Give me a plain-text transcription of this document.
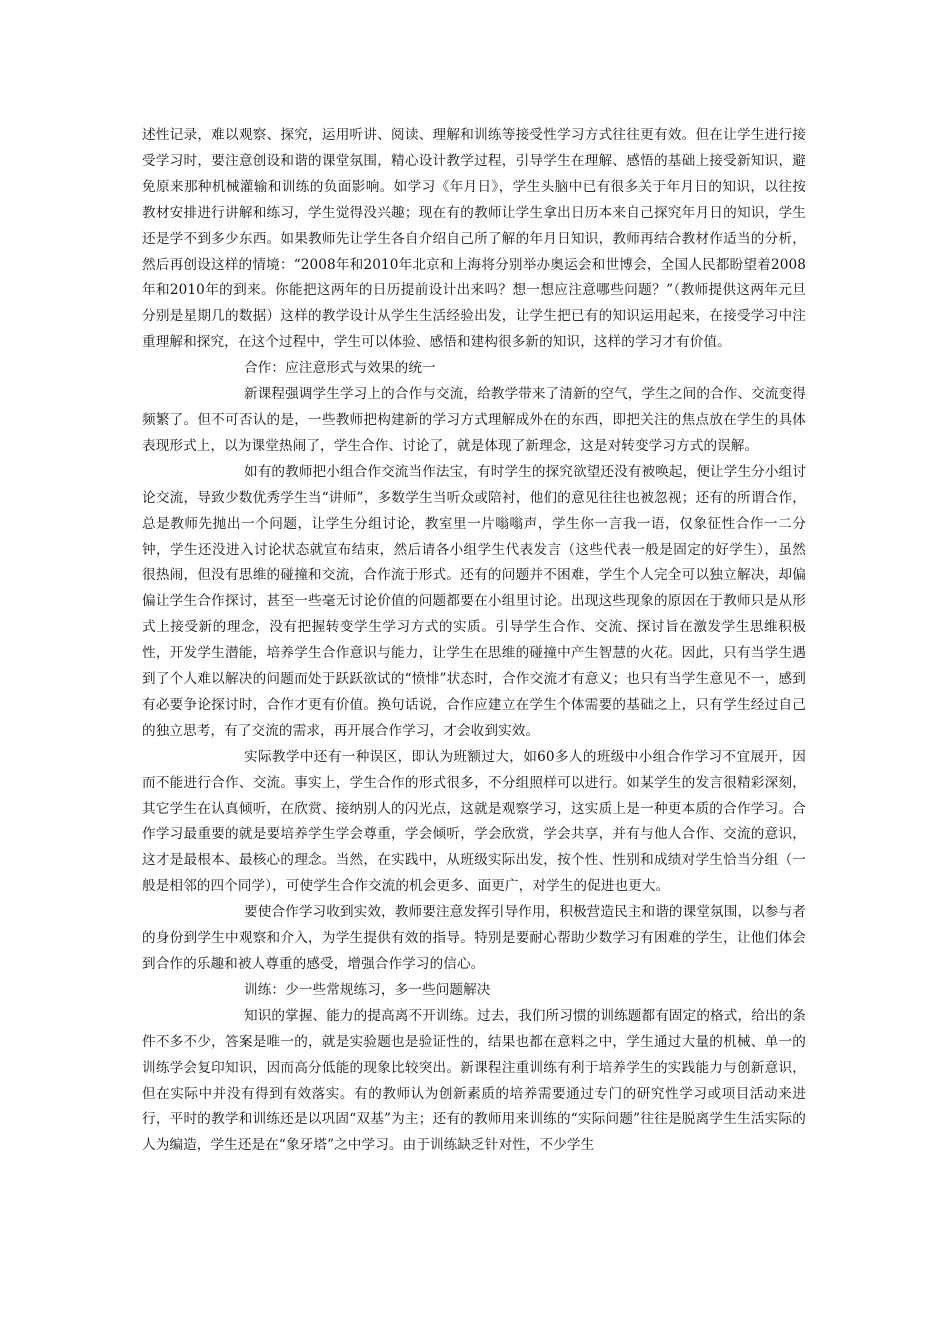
述性记录，难以观察、探究，运用听讲、阅读、理解和训练等接受性学习方式往往更有效。但在让学生进行接受学习时，要注意创设和谐的课堂氛围，精心设计教学过程，引导学生在理解、感悟的基础上接受新知识，避免原来那种机械灌输和训练的负面影响。如学习《年月日》，学生头脑中已有很多关于年月日的知识，以往按教材安排进行讲解和练习，学生觉得没兴趣；现在有的教师让学生拿出日历本来自己探究年月日的知识，学生还是学不到多少东西。如果教师先让学生各自介绍自己所了解的年月日知识，教师再结合教材作适当的分析，然后再创设这样的情境：“2008年和2010年北京和上海将分别举办奥运会和世博会，全国人民都盼望着2008年和2010年的到来。你能把这两年的日历提前设计出来吗？想一想应注意哪些问题？”（教师提供这两年元旦分别是星期几的数据）这样的教学设计从学生生活经验出发，让学生把已有的知识运用起来，在接受学习中注重理解和探究，在这个过程中，学生可以体验、感悟和建构很多新的知识，这样的学习才有价值。

合作：应注意形式与效果的统一

新课程强调学生学习上的合作与交流，给教学带来了清新的空气，学生之间的合作、交流变得频繁了。但不可否认的是，一些教师把构建新的学习方式理解成外在的东西，即把关注的焦点放在学生的具体表现形式上，以为课堂热闹了，学生合作、讨论了，就是体现了新理念，这是对转变学习方式的误解。

如有的教师把小组合作交流当作法宝，有时学生的探究欲望还没有被唤起，便让学生分小组讨论交流，导致少数优秀学生当“讲师”，多数学生当听众或陪衬，他们的意见往往也被忽视；还有的所谓合作，总是教师先抛出一个问题，让学生分组讨论，教室里一片嗡嗡声，学生你一言我一语，仅象征性合作一二分钟，学生还没进入讨论状态就宣布结束，然后请各小组学生代表发言（这些代表一般是固定的好学生），虽然很热闹，但没有思维的碰撞和交流，合作流于形式。还有的问题并不困难，学生个人完全可以独立解决，却偏偏让学生合作探讨，甚至一些毫无讨论价值的问题都要在小组里讨论。出现这些现象的原因在于教师只是从形式上接受新的理念，没有把握转变学生学习方式的实质。引导学生合作、交流、探讨旨在激发学生思维积极性，开发学生潜能，培养学生合作意识与能力，让学生在思维的碰撞中产生智慧的火花。因此，只有当学生遇到了个人难以解决的问题而处于跃跃欲试的“愤悱”状态时，合作交流才有意义；也只有当学生意见不一，感到有必要争论探讨时，合作才更有价值。换句话说，合作应建立在学生个体需要的基础之上，只有学生经过自己的独立思考，有了交流的需求，再开展合作学习，才会收到实效。

实际教学中还有一种误区，即认为班额过大，如60多人的班级中小组合作学习不宜展开，因而不能进行合作、交流。事实上，学生合作的形式很多，不分组照样可以进行。如某学生的发言很精彩深刻，其它学生在认真倾听，在欣赏、接纳别人的闪光点，这就是观察学习，这实质上是一种更本质的合作学习。合作学习最重要的就是要培养学生学会尊重，学会倾听，学会欣赏，学会共享，并有与他人合作、交流的意识，这才是最根本、最核心的理念。当然，在实践中，从班级实际出发，按个性、性别和成绩对学生恰当分组（一般是相邻的四个同学），可使学生合作交流的机会更多、面更广，对学生的促进也更大。

要使合作学习收到实效，教师要注意发挥引导作用，积极营造民主和谐的课堂氛围，以参与者的身份到学生中观察和介入，为学生提供有效的指导。特别是要耐心帮助少数学习有困难的学生，让他们体会到合作的乐趣和被人尊重的感受，增强合作学习的信心。

训练：少一些常规练习，多一些问题解决

知识的掌握、能力的提高离不开训练。过去，我们所习惯的训练题都有固定的格式，给出的条件不多不少，答案是唯一的，就是实验题也是验证性的，结果也都在意料之中，学生通过大量的机械、单一的训练学会复印知识，因而高分低能的现象比较突出。新课程注重训练有利于培养学生的实践能力与创新意识，但在实际中并没有得到有效落实。有的教师认为创新素质的培养需要通过专门的研究性学习或项目活动来进行，平时的教学和训练还是以巩固“双基”为主；还有的教师用来训练的“实际问题”往往是脱离学生生活实际的人为编造，学生还是在“象牙塔”之中学习。由于训练缺乏针对性，不少学生
